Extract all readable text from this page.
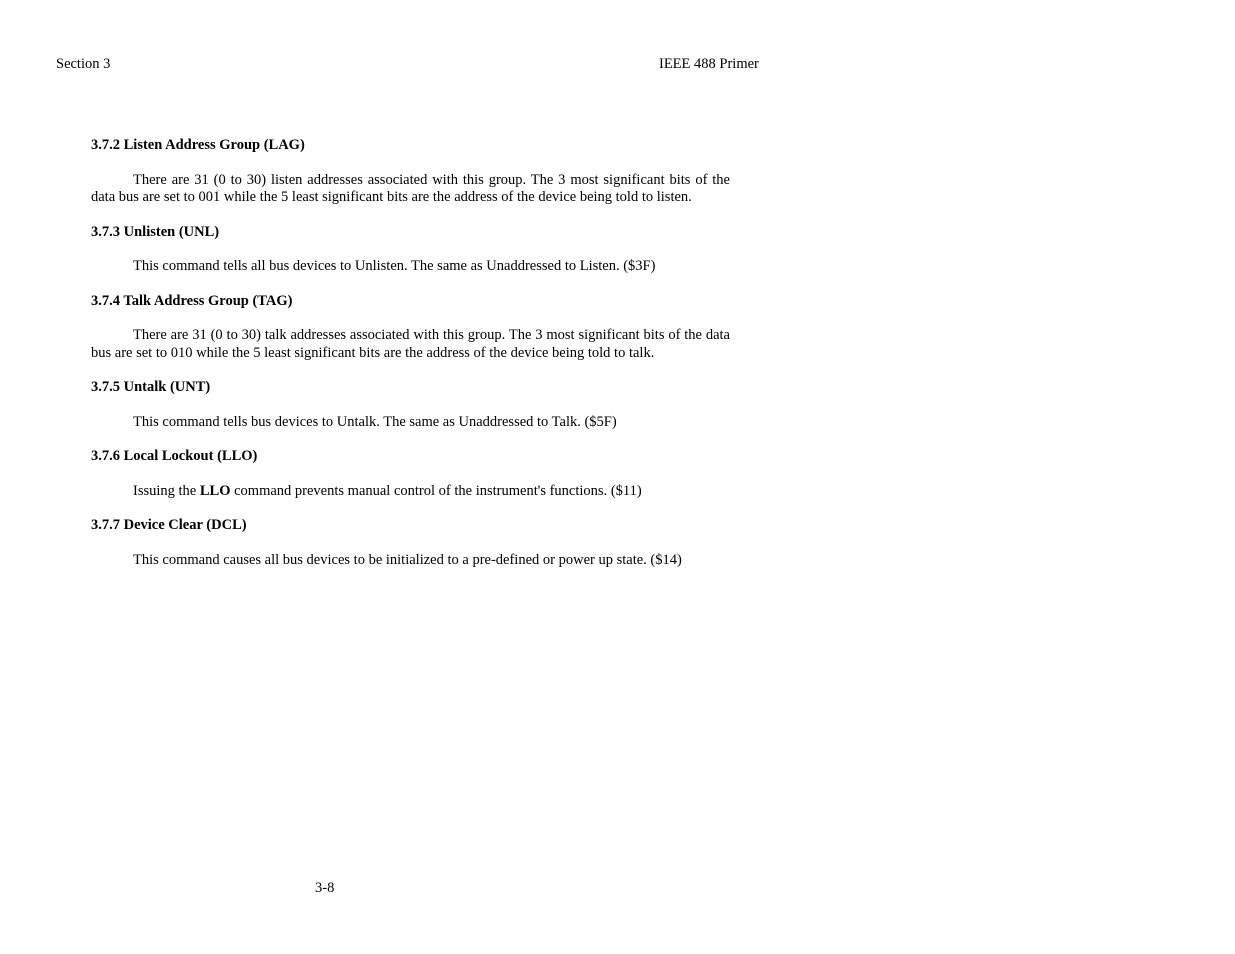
Section 3	IEEE 488 Primer
3.7.2 Listen Address Group (LAG)

There are 31 (0 to 30) listen addresses associated with this group. The 3 most significant bits of the data bus are set to 001 while the 5 least significant bits are the address of the device being told to listen.

3.7.3 Unlisten (UNL)

This command tells all bus devices to Unlisten. The same as Unaddressed to Listen. ($3F)

3.7.4 Talk Address Group (TAG)

There are 31 (0 to 30) talk addresses associated with this group. The 3 most significant bits of the data bus are set to 010 while the 5 least significant bits are the address of the device being told to talk.

3.7.5 Untalk (UNT)

This command tells bus devices to Untalk. The same as Unaddressed to Talk. ($5F)

3.7.6 Local Lockout (LLO)

Issuing the LLO command prevents manual control of the instrument's functions. ($11)

3.7.7 Device Clear (DCL)

This command causes all bus devices to be initialized to a pre-defined or power up state. ($14)

3-8
